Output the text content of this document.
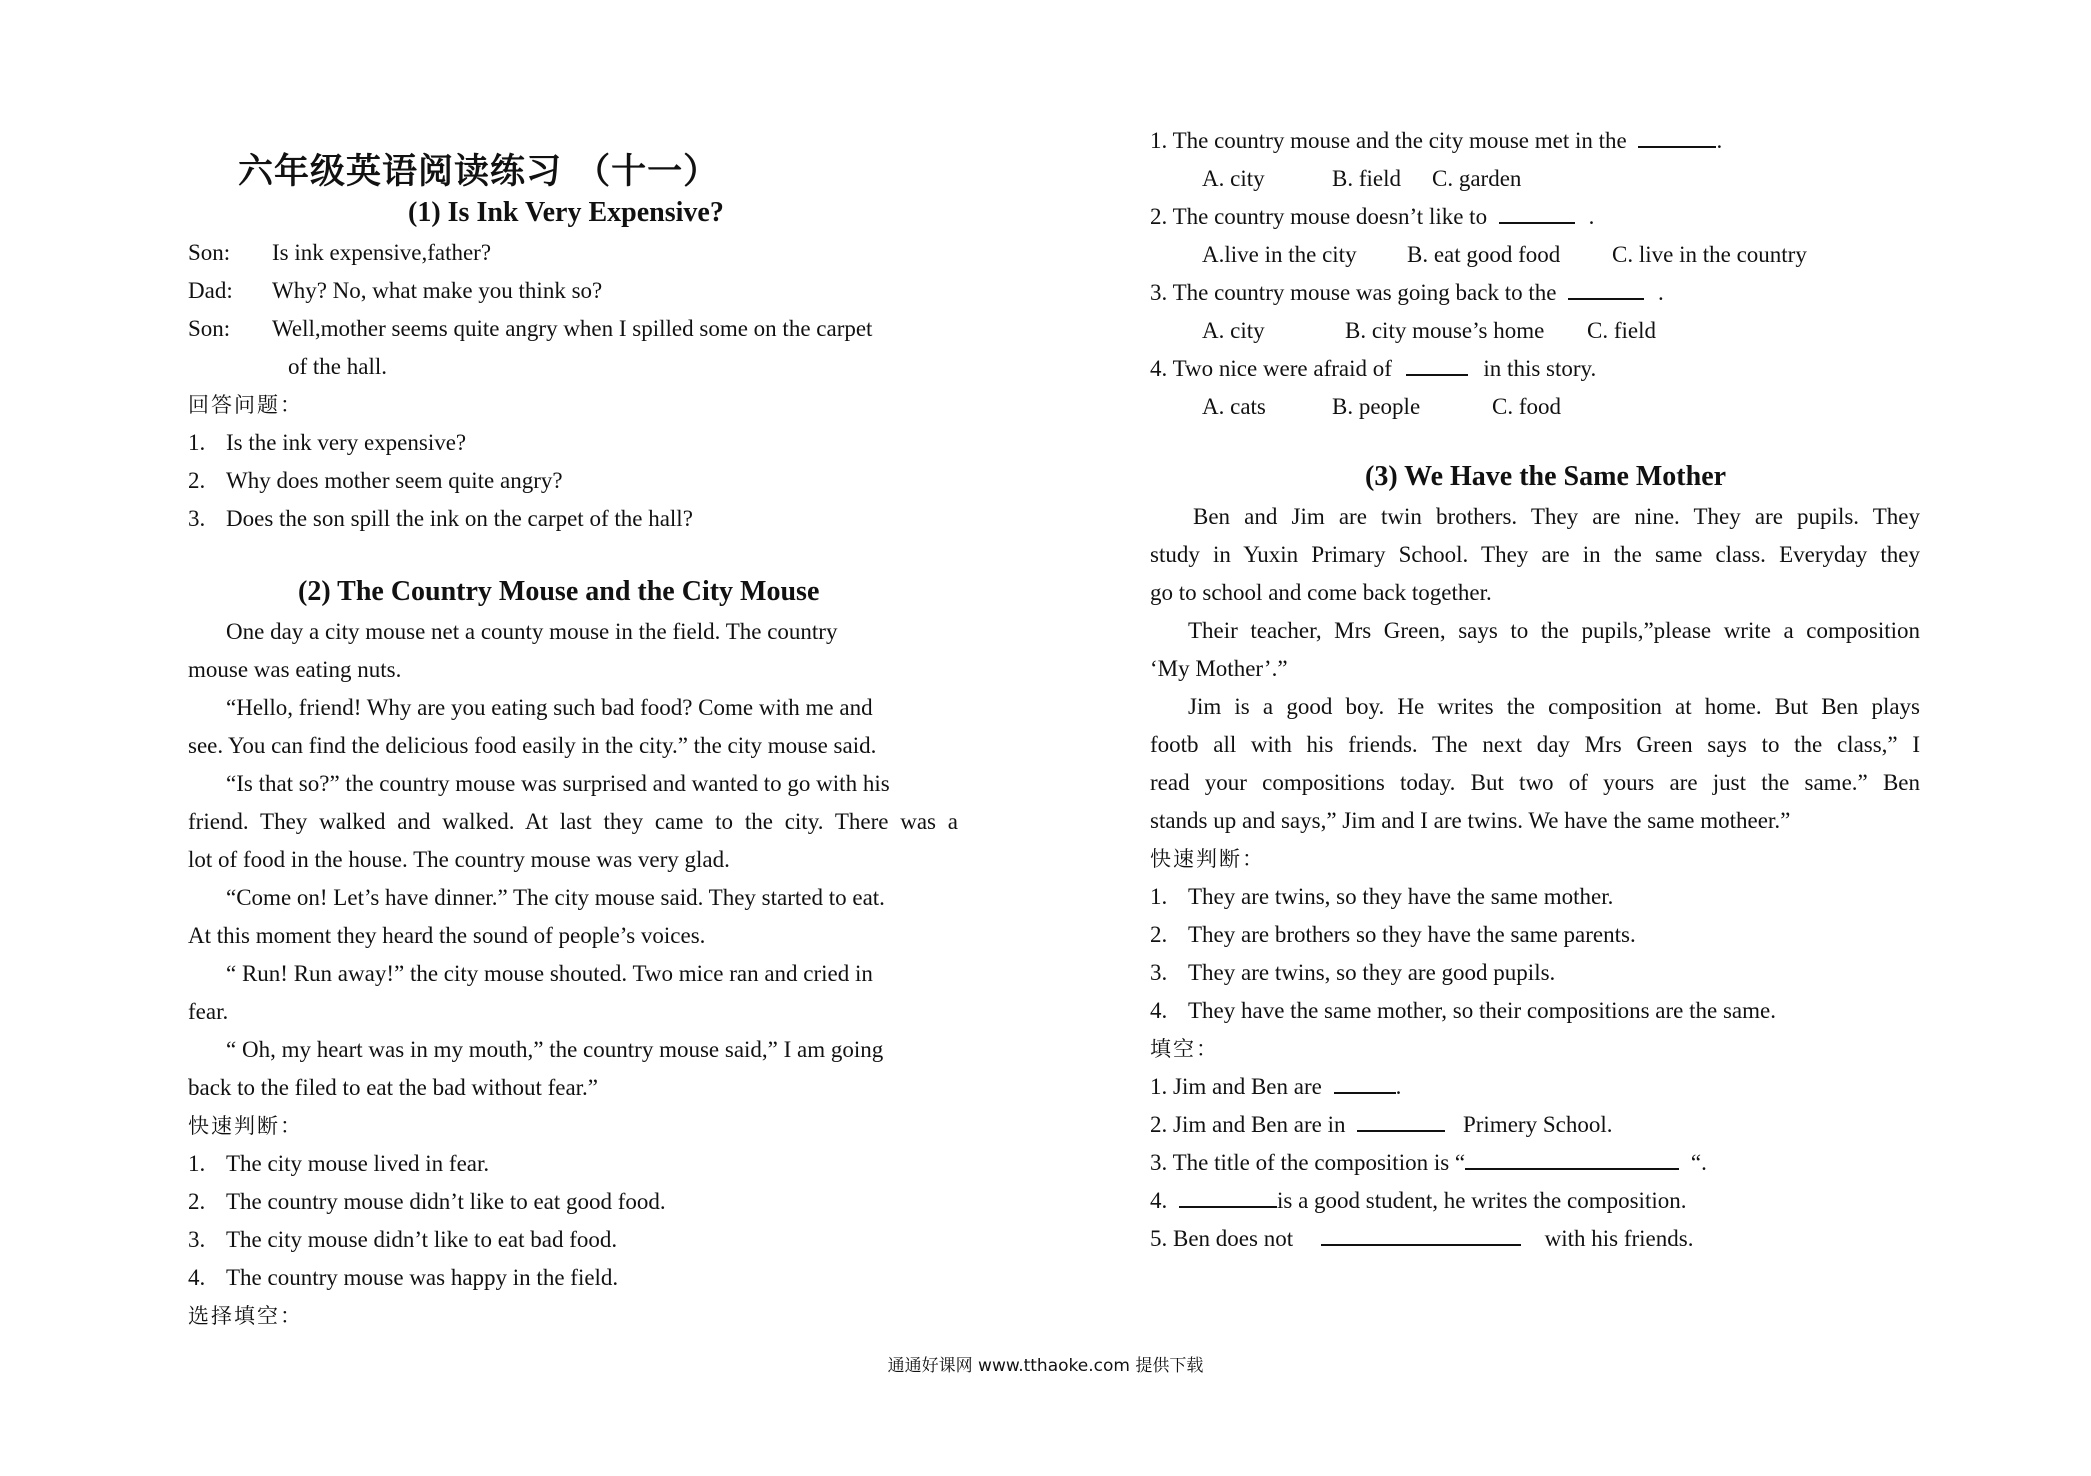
六年级英语阅读练习 （十一）
(1) Is Ink Very Expensive?
Son: Is ink expensive,father?
Dad: Why? No, what make you think so?
Son: Well,mother seems quite angry when I spilled some on the carpet
of the hall.
回答问题：
1. Is the ink very expensive?
2. Why does mother seem quite angry?
3. Does the son spill the ink on the carpet of the hall?
(2) The Country Mouse and the City Mouse
One day a city mouse net a county mouse in the field. The country
mouse was eating nuts.
“Hello, friend! Why are you eating such bad food? Come with me and
see. You can find the delicious food easily in the city.” the city mouse said.
“Is that so?” the country mouse was surprised and wanted to go with his
friend. They walked and walked. At last they came to the city. There was a
lot of food in the house. The country mouse was very glad.
“Come on! Let’s have dinner.” The city mouse said. They started to eat.
At this moment they heard the sound of people’s voices.
“ Run! Run away!” the city mouse shouted. Two mice ran and cried in
fear.
“ Oh, my heart was in my mouth,” the country mouse said,” I am going
back to the filed to eat the bad without fear.”
快速判断：
1. The city mouse lived in fear.
2. The country mouse didn’t like to eat good food.
3. The city mouse didn’t like to eat bad food.
4. The country mouse was happy in the field.
选择填空：
1. The country mouse and the city mouse met in the	.
A. city	B. field C. garden
2. The country mouse doesn’t like to	.
A.live in the city B. eat good food C. live in the country
3. The country mouse was going back to the	.
A. city	B. city mouse’s home C. field
4. Two nice were afraid of	in this story.
A. cats	B. people	C. food
(3) We Have the Same Mother
Ben and Jim are twin brothers. They are nine. They are pupils. They
study in Yuxin Primary School. They are in the same class. Everyday they
go to school and come back together.
Their teacher, Mrs Green, says to the pupils,”please write a composition
‘My Mother’.”
Jim is a good boy. He writes the composition at home. But Ben plays
footb all with his friends. The next day Mrs Green says to the class,” I
read your compositions today. But two of yours are just the same.” Ben
stands up and says,” Jim and I are twins. We have the same motheer.”
快速判断：
1. They are twins, so they have the same mother.
2. They are brothers so they have the same parents.
3. They are twins, so they are good pupils.
4. They have the same mother, so their compositions are the same.
填空：
1. Jim and Ben are	.
2. Jim and Ben are in	Primery School.
3. The title of the composition is “	“.
4.	is a good student, he writes the composition.
5. Ben does not	with his friends.
通通好课网 www.tthaoke.com 提供下载
